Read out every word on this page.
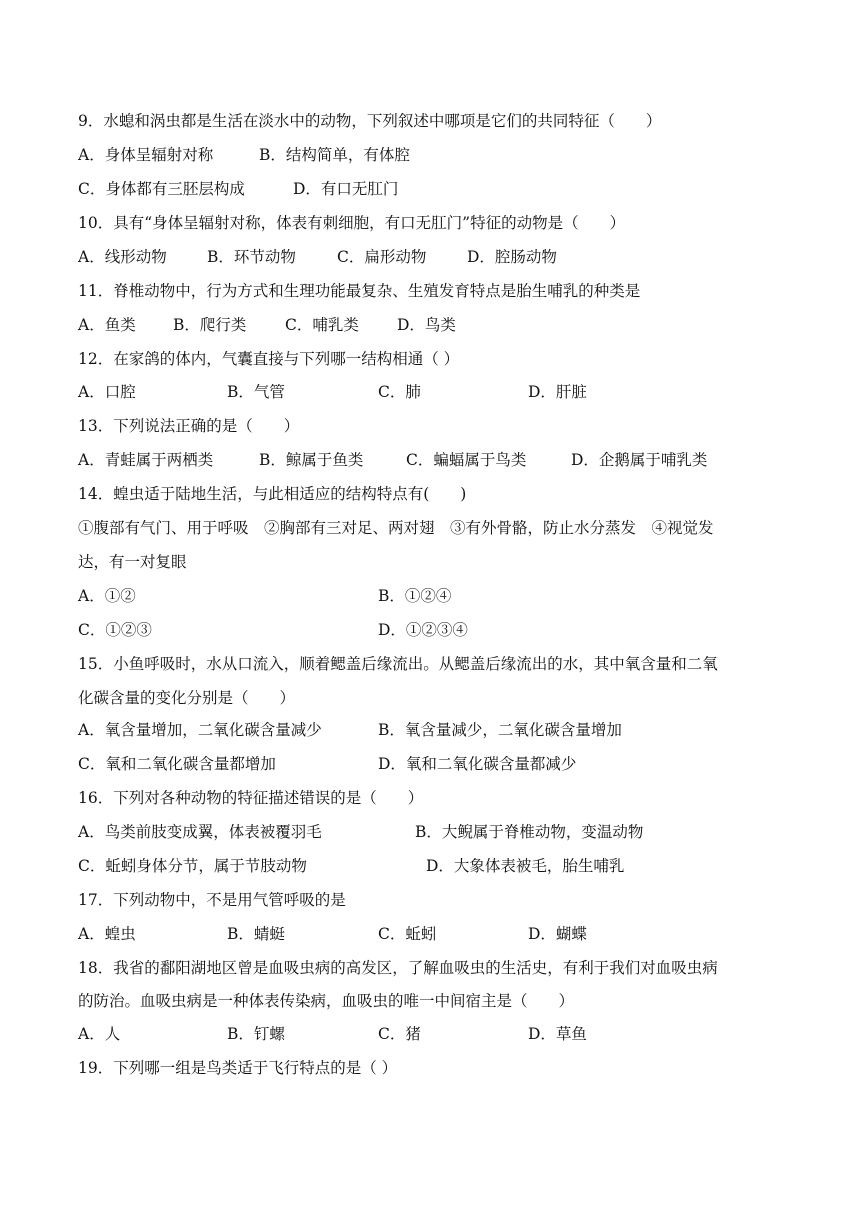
9．水螅和涡虫都是生活在淡水中的动物，下列叙述中哪项是它们的共同特征（　　）
A．身体呈辐射对称	B．结构简单，有体腔
C．身体都有三胚层构成	D．有口无肛门
10．具有“身体呈辐射对称，体表有刺细胞，有口无肛门”特征的动物是（　　）
A．线形动物	B．环节动物	C．扁形动物	D．腔肠动物
11．脊椎动物中，行为方式和生理功能最复杂、生殖发育特点是胎生哺乳的种类是
A．鱼类 B．爬行类 C．哺乳类 D．鸟类
12．在家鸽的体内，气囊直接与下列哪一结构相通（ ）
A．口腔	B．气管	C．肺	D．肝脏
13．下列说法正确的是（　　）
A．青蛙属于两栖类	B．鲸属于鱼类	C．蝙蝠属于鸟类	D．企鹅属于哺乳类
14．蝗虫适于陆地生活，与此相适应的结构特点有(　　)
①腹部有气门、用于呼吸　②胸部有三对足、两对翅　③有外骨骼，防止水分蒸发　④视觉发
达，有一对复眼
A．①②	B．①②④
C．①②③	D．①②③④
15．小鱼呼吸时，水从口流入，顺着鳃盖后缘流出。从鳃盖后缘流出的水，其中氧含量和二氧
化碳含量的变化分别是（　　）
A．氧含量增加，二氧化碳含量减少	B．氧含量减少，二氧化碳含量增加
C．氧和二氧化碳含量都增加	D．氧和二氧化碳含量都减少
16．下列对各种动物的特征描述错误的是（　　）
A．鸟类前肢变成翼，体表被覆羽毛	B．大鲵属于脊椎动物，变温动物
C．蚯蚓身体分节，属于节肢动物	D．大象体表被毛，胎生哺乳
17．下列动物中，不是用气管呼吸的是
A．蝗虫	B．蜻蜓	C．蚯蚓	D．蝴蝶
18．我省的鄱阳湖地区曾是血吸虫病的高发区，了解血吸虫的生活史，有利于我们对血吸虫病
的防治。血吸虫病是一种体表传染病，血吸虫的唯一中间宿主是（　　）
A．人	B．钉螺	C．猪	D．草鱼
19．下列哪一组是鸟类适于飞行特点的是（ ）
